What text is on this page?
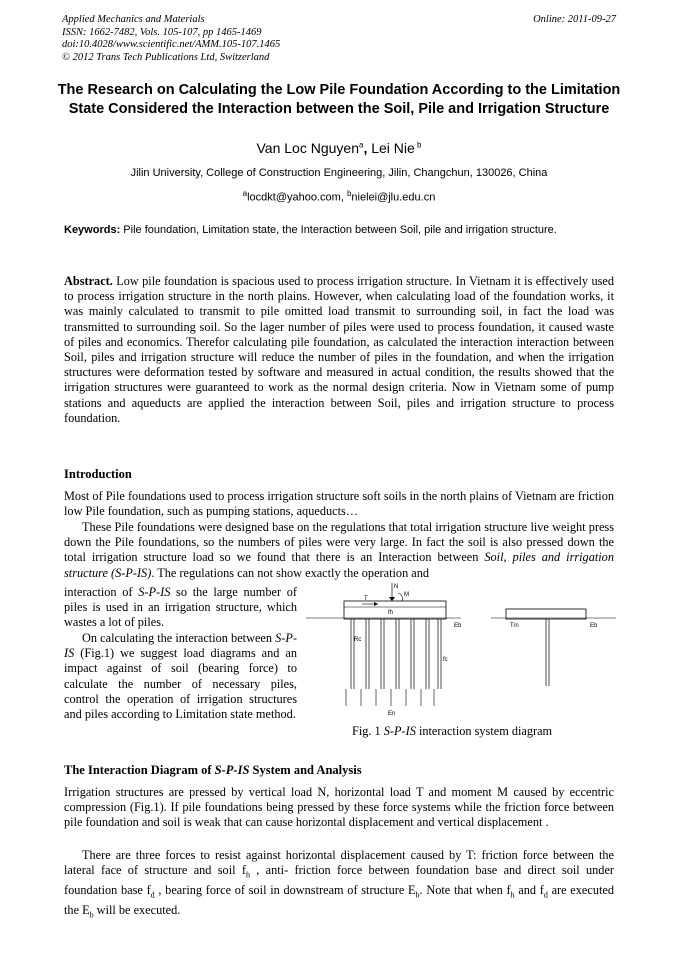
Applied Mechanics and Materials	Online: 2011-09-27
ISSN: 1662-7482, Vols. 105-107, pp 1465-1469
doi:10.4028/www.scientific.net/AMM.105-107.1465
© 2012 Trans Tech Publications Ltd, Switzerland
The Research on Calculating the Low Pile Foundation According to the Limitation State Considered the Interaction between the Soil, Pile and Irrigation Structure
Van Loc Nguyen$^a$, Lei Nie $^b$
Jilin University, College of Construction Engineering, Jilin, Changchun, 130026, China
$^a$locdkt@yahoo.com, $^b$nielei@jlu.edu.cn
Keywords: Pile foundation, Limitation state, the Interaction between Soil, pile and irrigation structure.
Abstract. Low pile foundation is spacious used to process irrigation structure. In Vietnam it is effectively used to process irrigation structure in the north plains. However, when calculating load of the foundation works, it was mainly calculated to transmit to pile omitted load transmit to surrounding soil, in fact the load was transmitted to surrounding soil. So the lager number of piles were used to process foundation, it caused waste of piles and economics. Therefor calculating pile foundation, as calculated the interaction interaction between Soil, piles and irrigation structure will reduce the number of piles in the foundation, and when the irrigation structures were deformation tested by software and measured in actual condition, the results showed that the irrigation structures were guaranteed to work as the normal design criteria. Now in Vietnam some of pump stations and aqueducts are applied the interaction between Soil, piles and irrigation structure to process foundation.
Introduction
Most of Pile foundations used to process irrigation structure soft soils in the north plains of Vietnam are friction low Pile foundation, such as pumping stations, aqueducts…
These Pile foundations were designed base on the regulations that total irrigation structure live weight press down the Pile foundations, so the numbers of piles were very large. In fact the soil is also pressed down the total irrigation structure load so we found that there is an Interaction between Soil, piles and irrigation structure (S-P-IS). The regulations can not show exactly the operation and
interaction of S-P-IS so the large number of piles is used in an irrigation structure, which wastes a lot of piles.
On calculating the interaction between S-P-IS (Fig.1) we suggest load diagrams and an impact against of soil (bearing force) to calculate the number of necessary piles, control the operation of irrigation structures and piles according to Limitation state method.
N
M
T
fh
Eb
Rc
fc
En
T/n	Eb
Fig. 1 S-P-IS interaction system diagram
The Interaction Diagram of S-P-IS System and Analysis
Irrigation structures are pressed by vertical load N, horizontal load T and moment M caused by eccentric compression (Fig.1). If pile foundations being pressed by these force systems while the friction force between pile foundation and soil is weak that can cause horizontal displacement and vertical displacement .
There are three forces to resist against horizontal displacement caused by T: friction force between the lateral face of structure and soil $f_h$ , anti- friction force between foundation base and direct soil under foundation base $f_d$ , bearing force of soil in downstream of structure $E_b$. Note that when $f_h$ and $f_d$ are executed the $E_b$ will be executed.
